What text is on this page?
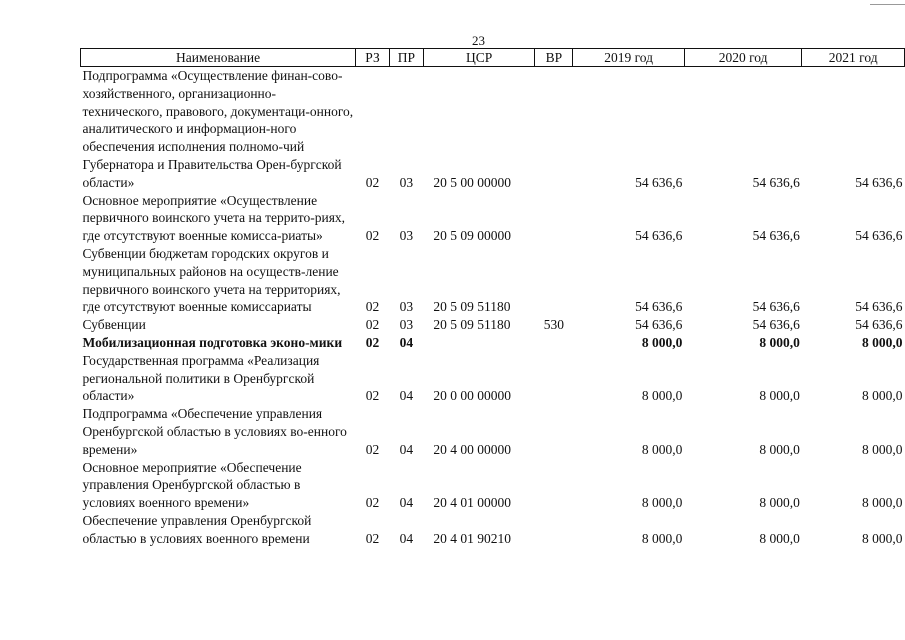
23
Наименование	РЗ	ПР	ЦСР	ВР	2019 год	2020 год	2021 год
Подпрограмма «Осуществление финан-сово-хозяйственного, организационно-технического, правового, документаци-онного, аналитического и информацион-ного обеспечения исполнения полномо-чий Губернатора и Правительства Орен-бургской области»	02	03	20 5 00 00000		54 636,6	54 636,6	54 636,6
Основное мероприятие «Осуществление первичного воинского учета на террито-риях, где отсутствуют военные комисса-риаты»	02	03	20 5 09 00000		54 636,6	54 636,6	54 636,6
Субвенции бюджетам городских округов и муниципальных районов на осуществ-ление первичного воинского учета на территориях, где отсутствуют военные комиссариаты	02	03	20 5 09 51180		54 636,6	54 636,6	54 636,6
Субвенции	02	03	20 5 09 51180	530	54 636,6	54 636,6	54 636,6
Мобилизационная подготовка эконо-мики	02	04			8 000,0	8 000,0	8 000,0
Государственная программа «Реализация региональной политики в Оренбургской области»	02	04	20 0 00 00000		8 000,0	8 000,0	8 000,0
Подпрограмма «Обеспечение управления Оренбургской областью в условиях во-енного времени»	02	04	20 4 00 00000		8 000,0	8 000,0	8 000,0
Основное мероприятие «Обеспечение управления Оренбургской областью в условиях военного времени»	02	04	20 4 01 00000		8 000,0	8 000,0	8 000,0
Обеспечение управления Оренбургской областью в условиях военного времени	02	04	20 4 01 90210		8 000,0	8 000,0	8 000,0
